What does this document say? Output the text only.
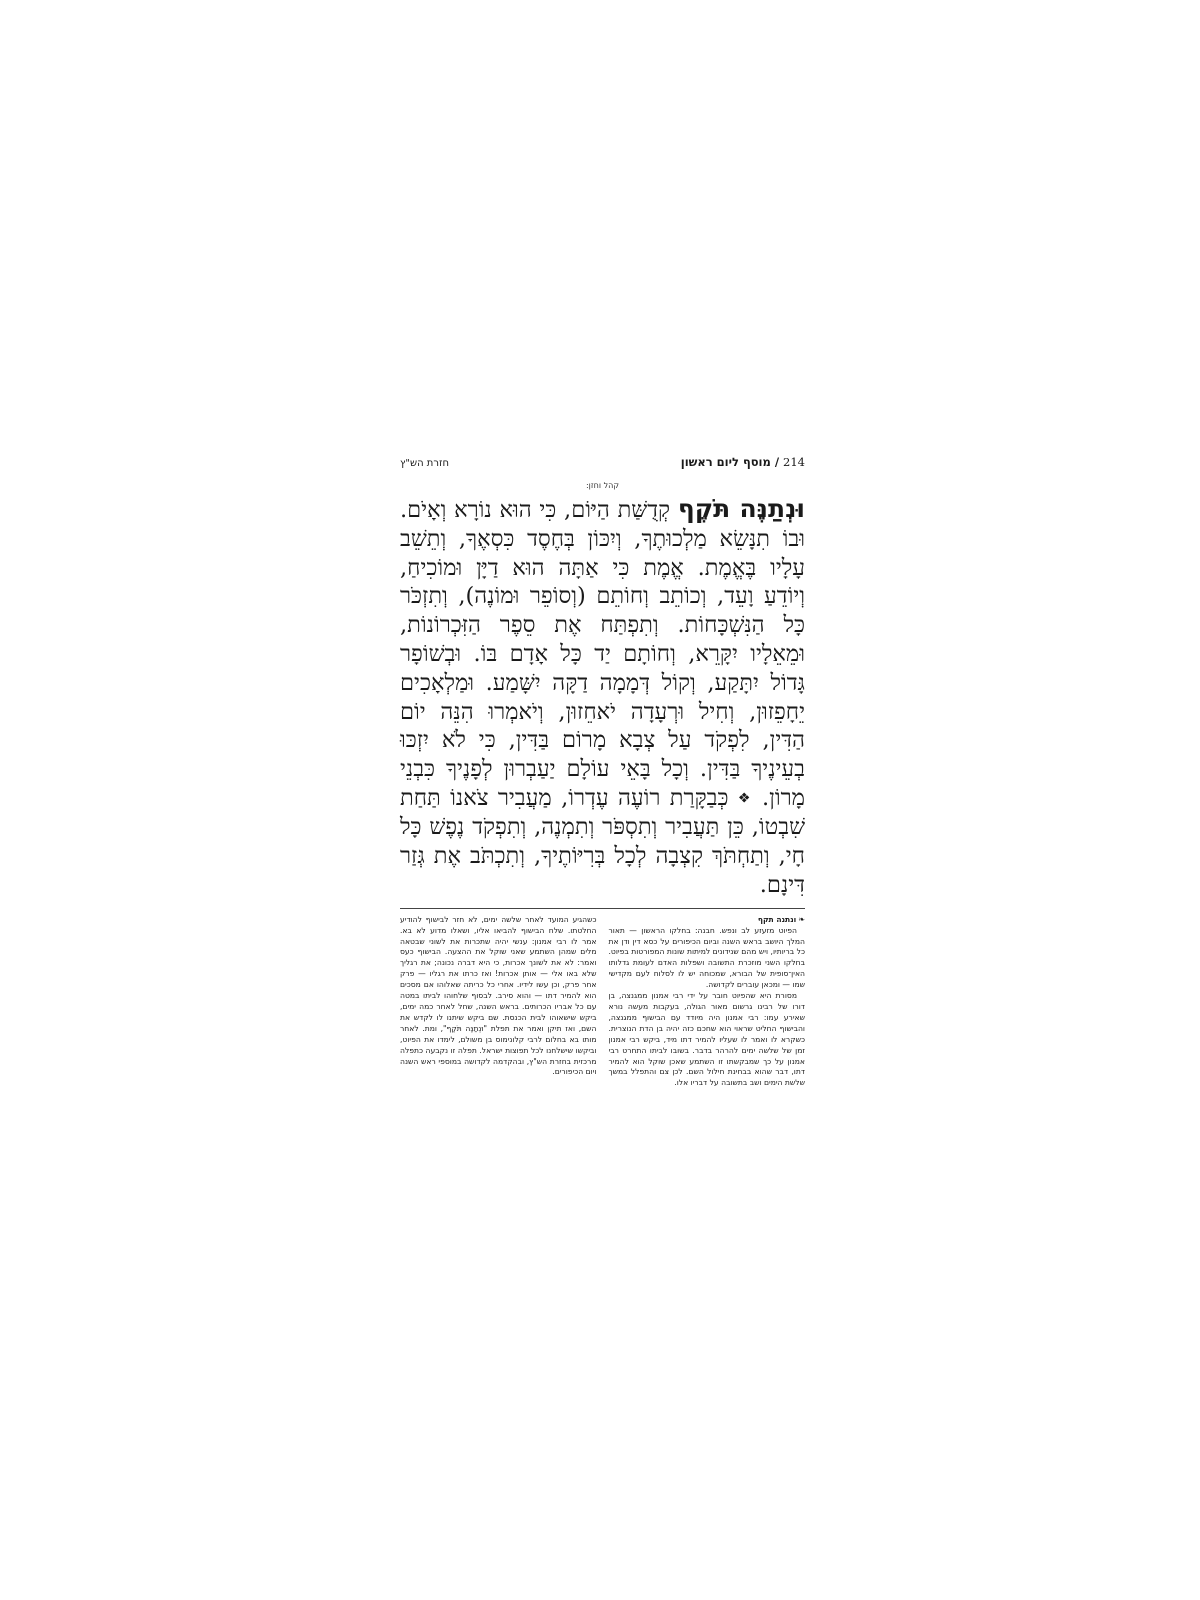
214 / מוסף ליום ראשון
חזרת הש"ץ
קהל וחזן:
וּנְתַנֶּה תֹּקֶף קְדֻשַּׁת הַיּוֹם, כִּי הוּא נוֹרָא וְאָיֹם. וּבוֹ תִנָּשֵׂא מַלְכוּתֶךָ, וְיִכּוֹן בְּחֶסֶד כִּסְאֶךָ, וְתֵשֵׁב עָלָיו בֶּאֱמֶת. אֱמֶת כִּי אַתָּה הוּא דַיָּן וּמוֹכִיחַ, וְיוֹדֵעַ וָעֵד, וְכוֹתֵב וְחוֹתֵם (וְסוֹפֵר וּמוֹנֶה), וְתִזְכֹּר כָּל הַנִּשְׁכָּחוֹת. וְתִפְתַּח אֶת סֵפֶר הַזִּכְרוֹנוֹת, וּמֵאֵלָיו יִקָּרֵא, וְחוֹתָם יַד כָּל אָדָם בּוֹ. וּבְשׁוֹפָר גָּדוֹל יִתָּקַע, וְקוֹל דְּמָמָה דַקָּה יִשָּׁמַע. וּמַלְאָכִים יֵחָפֵזוּן, וְחִיל וּרְעָדָה יֹאחֵזוּן, וְיֹאמְרוּ הִנֵּה יוֹם הַדִּין, לִפְקֹד עַל צְבָא מָרוֹם בַּדִּין, כִּי לֹא יִזְכּוּ בְעֵינֶיךָ בַּדִּין. וְכָל בָּאֵי עוֹלָם יַעַבְרוּן לְפָנֶיךָ כִּבְנֵי מָרוֹן. ❖ כְּבַקָּרַת רוֹעֶה עֶדְרוֹ, מַעֲבִיר צֹאנוֹ תַּחַת שִׁבְטוֹ, כֵּן תַּעֲבִיר וְתִסְפֹּר וְתִמְנֶה, וְתִפְקֹד נֶפֶשׁ כָּל חָי, וְתַחְתֹּךְ קִצְבָה לְכָל בְּרִיּוֹתֶיךָ, וְתִכְתֹּב אֶת גְּזַר דִּינָם.

❧ונתנה תקף

הפיוט מזעזע לב ונפש. חבנה: בחלקו הראשון — תאור המלך היושב בראש השנה וביום הכיפורים על כסא דין ודן את כל בריותיו, ויש מהם שנידונים למיתות שונות המפורטות בפיוט. בחלקו השני מוזכרת התשובה ושפלות האדם לעומת גדלותו האין־סופית של הבורא, שמכוחה יש לו לסלוח לעם מקדישי שמו — ומכאן עוברים לקדושה.

מסורת היא שהפיוט חובר על ידי רבי אמנון ממגנצה, בן דורו של רבינו גרשום מאור הגולה, בעקבות מעשה נורא שאירע עמו: רבי אמנון היה מיודד עם הבישוף ממגנצה, והבישוף החליט שראוי הוא שחכם כזה יהיה בן הדת הנוצרית. כשקרא לו ואמר לו שעליו להמיר דתו מיד, ביקש רבי אמנון זמן של שלשה ימים להרהר בדבר. בשובו לביתו התחרט רבי אמנון על כך שמבקשתו זו השתמע שאכן שוקל הוא להמיר דתו, דבר שהוא בבחינת חילול השם. לכן צם והתפלל במשך שלשת הימים ושב בתשובה על דבריו אלו.

כשהגיע המועד לאחר שלשה ימים, לא חזר לבישוף להודיע החלטתו. שלח הבישוף להביאו אליו, ושאלו מדוע לא בא. אמר לו רבי אמנון: ענשי יהיה שתכרות את לשוני שבטאה מלים שמהן השתמע שאני שוקל את ההצעה. הבישוף כעס ואמר: לא את לשונך אכרות, כי היא דברה נכונה; את רגליך שלא באו אלי — אותן אכרות! ואז כרתו את רגליו — פרק אחר פרק, וכן עשו לידיו. אחרי כל כריתה שאלוהו אם מסכים הוא להמיר דתו — והוא סירב. לבסוף שלחוהו לביתו במטה עם כל אבריו הכרותים. בראש השנה, שחל לאחר כמה ימים, ביקש שישאוהו לבית הכנסת. שם ביקש שיתנו לו לקדש את השם, ואז תיקן ואמר את תפלת "וּנְתַנֶּה תֹּקֶף", ומת. לאחר מותו בא בחלום לרבי קלונימוס בן משולם, לימדו את הפיוט, וביקשו שישלחנו לכל תפוצות ישראל. תפלה זו נקבעה כתפלה מרכזית בחזרת הש"ץ, ובהקדמה לקדושה במוספי ראש השנה ויום הכיפורים.
